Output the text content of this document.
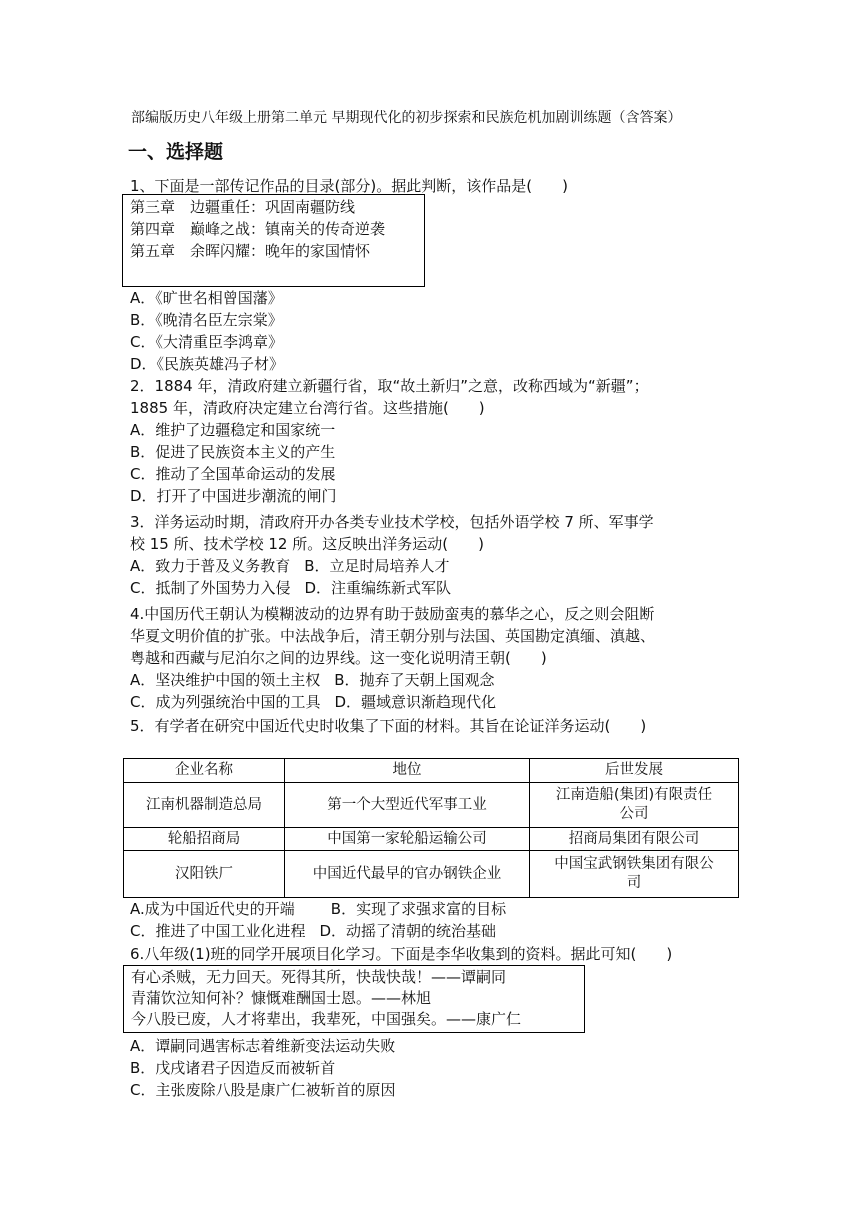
部编版历史八年级上册第二单元 早期现代化的初步探索和民族危机加剧训练题（含答案）
一、选择题
1、下面是一部传记作品的目录(部分)。据此判断，该作品是(　　)
第三章　边疆重任：巩固南疆防线
第四章　巅峰之战：镇南关的传奇逆袭
第五章　余晖闪耀：晚年的家国情怀
A．《旷世名相曾国藩》
B．《晚清名臣左宗棠》
C．《大清重臣李鸿章》
D．《民族英雄冯子材》
2．1884 年，清政府建立新疆行省，取“故土新归”之意，改称西域为“新疆”；
1885 年，清政府决定建立台湾行省。这些措施(　　)
A．维护了边疆稳定和国家统一
B．促进了民族资本主义的产生
C．推动了全国革命运动的发展
D．打开了中国进步潮流的闸门
3．洋务运动时期，清政府开办各类专业技术学校，包括外语学校 7 所、军事学
校 15 所、技术学校 12 所。这反映出洋务运动(　　)
A．致力于普及义务教育 B．立足时局培养人才
C．抵制了外国势力入侵 D．注重编练新式军队
4.中国历代王朝认为模糊波动的边界有助于鼓励蛮夷的慕华之心，反之则会阻断
华夏文明价值的扩张。中法战争后，清王朝分别与法国、英国勘定滇缅、滇越、
粤越和西藏与尼泊尔之间的边界线。这一变化说明清王朝(　　)
A．坚决维护中国的领土主权 B．抛弃了天朝上国观念
C．成为列强统治中国的工具 D．疆域意识渐趋现代化
5．有学者在研究中国近代史时收集了下面的材料。其旨在论证洋务运动(　　)
企业名称	地位	后世发展
江南机器制造总局	第一个大型近代军事工业	江南造船(集团)有限责任
公司

轮船招商局	中国第一家轮船运输公司	招商局集团有限公司
汉阳铁厂	中国近代最早的官办钢铁企业	中国宝武钢铁集团有限公
司
A.成为中国近代史的开端 B．实现了求强求富的目标
C．推进了中国工业化进程 D．动摇了清朝的统治基础
6.八年级(1)班的同学开展项目化学习。下面是李华收集到的资料。据此可知(　　)
有心杀贼，无力回天。死得其所，快哉快哉！——谭嗣同
青蒲饮泣知何补？慷慨难酬国士恩。——林旭
今八股已废，人才将辈出，我辈死，中国强矣。——康广仁
A．谭嗣同遇害标志着维新变法运动失败
B．戊戌诸君子因造反而被斩首
C．主张废除八股是康广仁被斩首的原因
